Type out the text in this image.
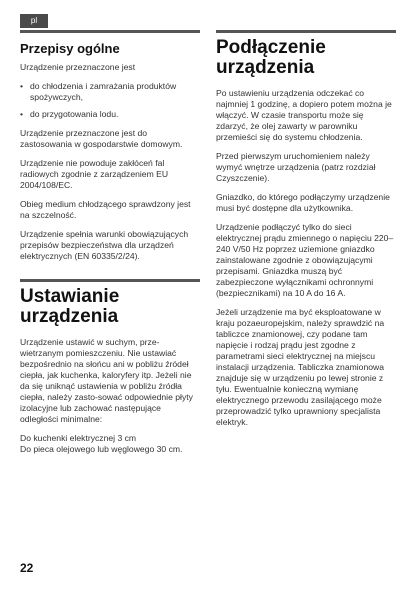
pl
Przepisy ogólne

Urządzenie przeznaczone jest

• do chłodzenia i zamrażania produktów spożywczych,
• do przygotowania lodu.

Urządzenie przeznaczone jest do zastosowania w gospodarstwie domowym.

Urządzenie nie powoduje zakłóceń fal radiowych zgodnie z zarządzeniem EU 2004/108/EC.

Obieg medium chłodzącego sprawdzony jest na szczelność.

Urządzenie spełnia warunki obowiązujących przepisów bezpieczeństwa dla urządzeń elektrycznych (EN 60335/2/24).

Ustawianie urządzenia

Urządzenie ustawić w suchym, prze-wietrzanym pomieszczeniu. Nie ustawiać bezpośrednio na słońcu ani w pobliżu źródeł ciepła, jak kuchenka, kaloryfery itp. Jeżeli nie da się uniknąć ustawienia w pobliżu źródła ciepła, należy zasto-sować odpowiednie płyty izolacyjne lub zachować następujące odległości minimalne:

Do kuchenki elektrycznej 3 cm

Do pieca olejowego lub węglowego 30 cm.

Podłączenie urządzenia

Po ustawieniu urządzenia odczekać co najmniej 1 godzinę, a dopiero potem można je włączyć. W czasie transportu może się zdarzyć, że olej zawarty w parowniku przemieści się do systemu chłodzenia.

Przed pierwszym uruchomieniem należy wymyć wnętrze urządzenia (patrz rozdział Czyszczenie).

Gniazdko, do którego podłączymy urządzenie musi być dostępne dla użytkownika.

Urządzenie podłączyć tylko do sieci elektrycznej prądu zmiennego o napięciu 220–240 V/50 Hz poprzez uziemione gniazdko zainstalowane zgodnie z obowiązującymi przepisami. Gniazdka muszą być zabezpieczone wyłącznikami ochronnymi (bezpiecznikami) na 10 A do 16 A.

Jeżeli urządzenie ma być eksploatowane w kraju pozaeuropejskim, należy sprawdzić na tabliczce znamionowej, czy podane tam napięcie i rodzaj prądu jest zgodne z parametrami sieci elektrycznej na miejscu instalacji urządzenia. Tabliczka znamionowa znajduje się w urządzeniu po lewej stronie z tyłu. Ewentualnie konieczną wymianę elektrycznego przewodu zasilającego może przeprowadzić tylko uprawniony specjalista elektryk.

22
